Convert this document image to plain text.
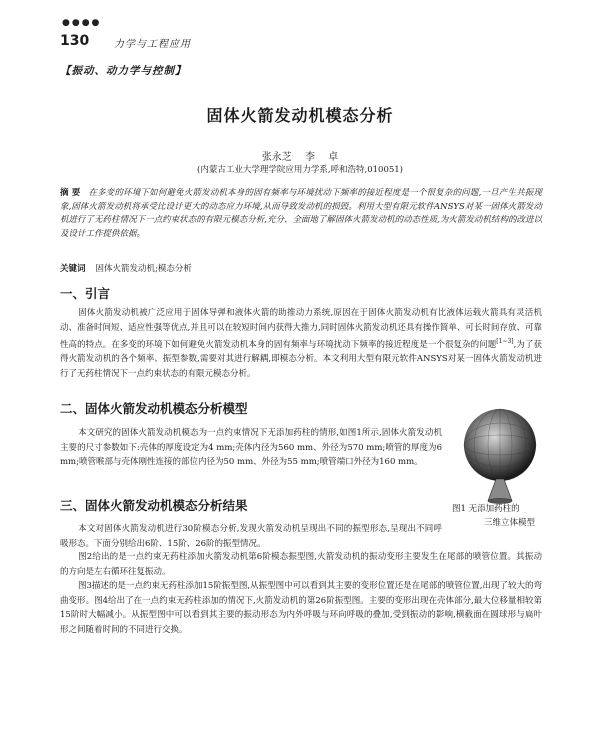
●●●●
130 力学与工程应用
【振动、动力学与控制】
固体火箭发动机模态分析
张永芝 李 卓
(内蒙古工业大学理学院应用力学系,呼和浩特,010051)
摘 要 在多变的环境下如何避免火箭发动机本身的固有频率与环境扰动下频率的接近程度是一个很复杂的问题,一旦产生共振现象,固体火箭发动机将承受比设计更大的动态应力环境,从而导致发动机的损毁。利用大型有限元软件ANSYS对某一固体火箭发动机进行了无药柱情况下一点约束状态的有限元模态分析,充分、全面地了解固体火箭发动机的动态性质,为火箭发动机结构的改进以及设计工作提供依据。
关键词 固体火箭发动机;模态分析
一、引言
固体火箭发动机被广泛应用于固体导弹和液体火箭的助推动力系统,原因在于固体火箭发动机有比液体运载火箭具有灵活机动、准备时间短、适应性强等优点,并且可以在较短时间内获得大推力,同时固体火箭发动机还具有操作简单、可长时间存放、可靠性高的特点。在多变的环境下如何避免火箭发动机本身的固有频率与环境扰动下频率的接近程度是一个很复杂的问题[1~3],为了获得火箭发动机的各个频率、振型参数,需要对其进行解耦,即模态分析。本文利用大型有限元软件ANSYS对某一固体火箭发动机进行了无药柱情况下一点约束状态的有限元模态分析。
二、固体火箭发动机模态分析模型
本文研究的固体火箭发动机模态为一点约束情况下无添加药柱的情形,如图1所示,固体火箭发动机主要的尺寸参数如下:壳体的厚度设定为4 mm;壳体内径为560 mm、外径为570 mm;喷管的厚度为6 mm;喷管喉部与壳体刚性连接的部位内径为50 mm、外径为55 mm;喷管端口外径为160 mm。
图1 无添加药柱的
三维立体模型
三、固体火箭发动机模态分析结果
本文对固体火箭发动机进行30阶模态分析,发现火箭发动机呈现出不同的振型形态,呈现出不同呼吸形态。下面分别给出6阶、15阶、26阶的振型情况。
图2给出的是一点约束无药柱添加火箭发动机第6阶模态振型图,火箭发动机的振动变形主要发生在尾部的喷管位置。其振动的方向是左右循环往复振动。
图3描述的是一点约束无药柱添加15阶振型图,从振型图中可以看到其主要的变形位置还是在尾部的喷管位置,出现了较大的弯曲变形。图4给出了在一点约束无药柱添加的情况下,火箭发动机的第26阶振型图。主要的变形出现在壳体部分,最大位移量相较第15阶时大幅减小。从振型图中可以看到其主要的振动形态为内外呼吸与环向呼吸的叠加,受到振动的影响,横截面在圆球形与扁叶形之间随着时间的不同进行交换。
